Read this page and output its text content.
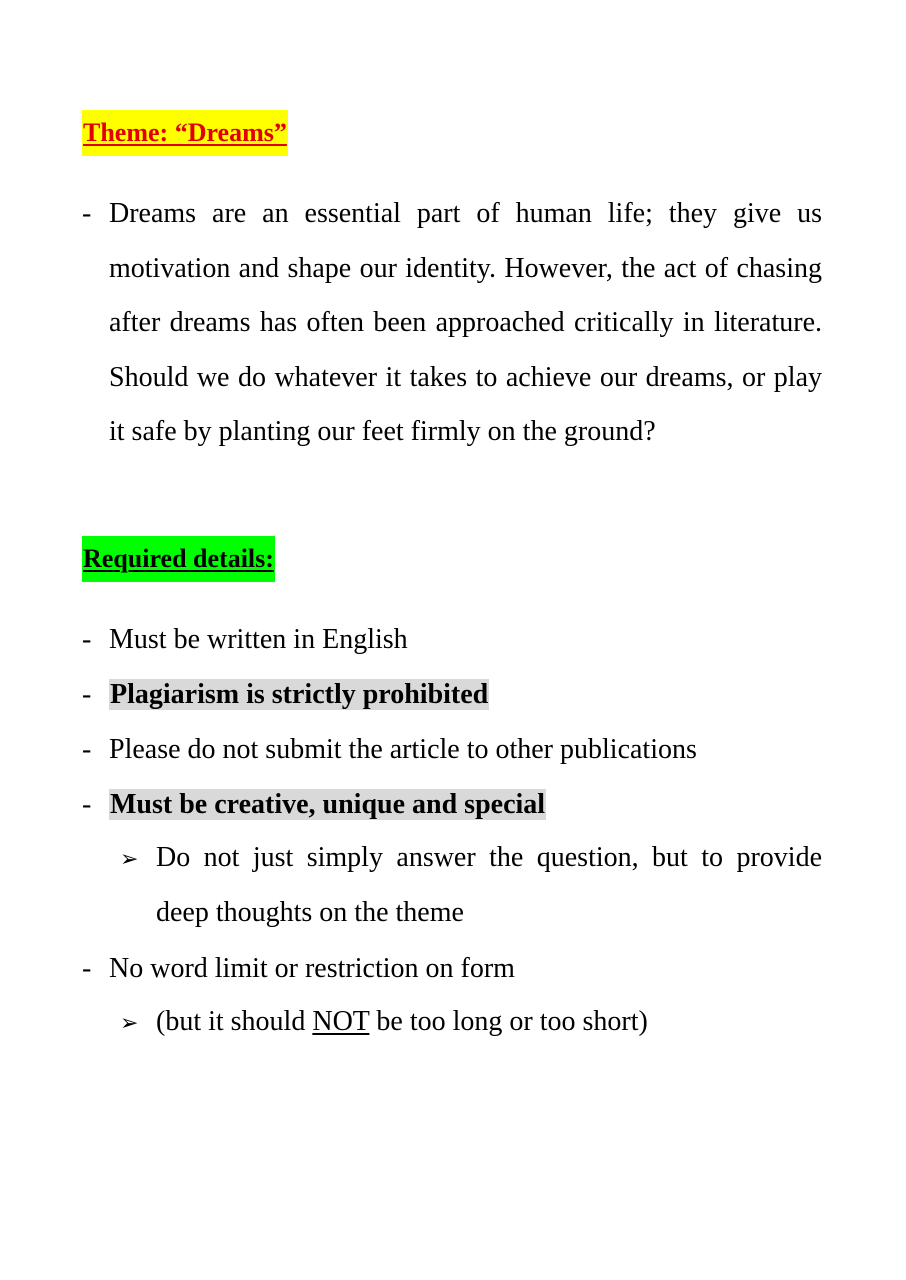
Theme: “Dreams”
- Dreams are an essential part of human life; they give us motivation and shape our identity. However, the act of chasing after dreams has often been approached critically in literature. Should we do whatever it takes to achieve our dreams, or play it safe by planting our feet firmly on the ground?
Required details:
- Must be written in English
- Plagiarism is strictly prohibited
- Please do not submit the article to other publications
- Must be creative, unique and special
➢ Do not just simply answer the question, but to provide deep thoughts on the theme
- No word limit or restriction on form
➢ (but it should NOT be too long or too short)
